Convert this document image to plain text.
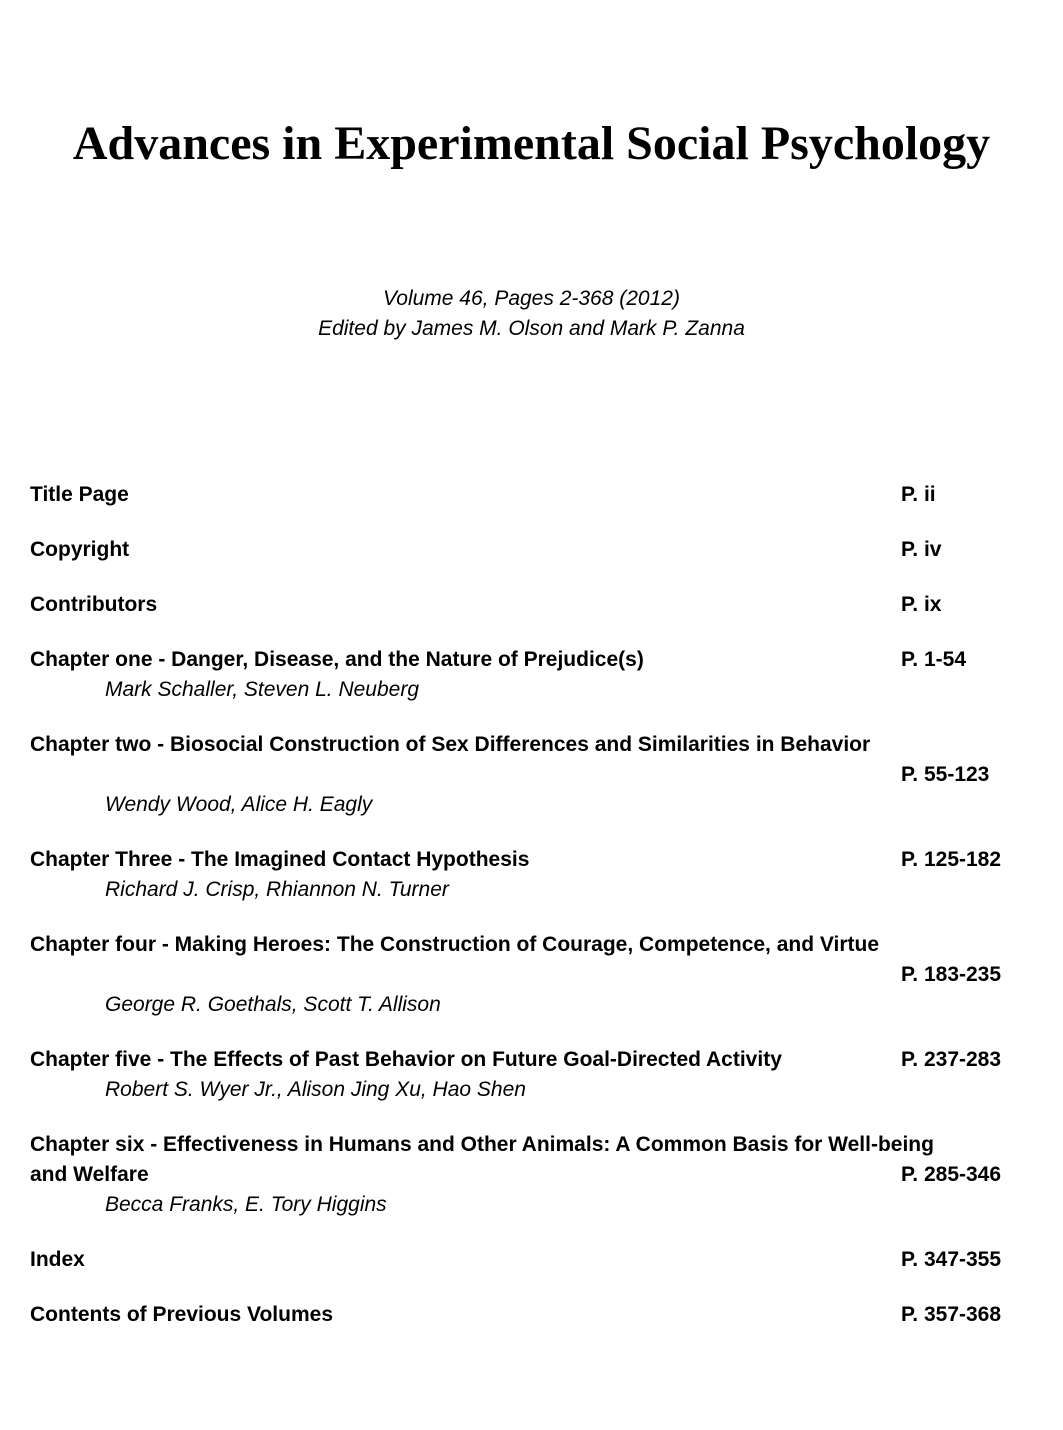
Advances in Experimental Social Psychology
Volume 46, Pages 2-368 (2012)
Edited by James M. Olson and Mark P. Zanna
Title Page	P. ii
Copyright	P. iv
Contributors	P. ix
Chapter one - Danger, Disease, and the Nature of Prejudice(s)	P. 1-54
Mark Schaller, Steven L. Neuberg
Chapter two - Biosocial Construction of Sex Differences and Similarities in Behavior
P. 55-123
Wendy Wood, Alice H. Eagly
Chapter Three - The Imagined Contact Hypothesis	P. 125-182
Richard J. Crisp, Rhiannon N. Turner
Chapter four - Making Heroes: The Construction of Courage, Competence, and Virtue
P. 183-235
George R. Goethals, Scott T. Allison
Chapter five - The Effects of Past Behavior on Future Goal-Directed Activity	P. 237-283
Robert S. Wyer Jr., Alison Jing Xu, Hao Shen
Chapter six - Effectiveness in Humans and Other Animals: A Common Basis for Well-being
and Welfare	P. 285-346
Becca Franks, E. Tory Higgins
Index	P. 347-355
Contents of Previous Volumes	P. 357-368
